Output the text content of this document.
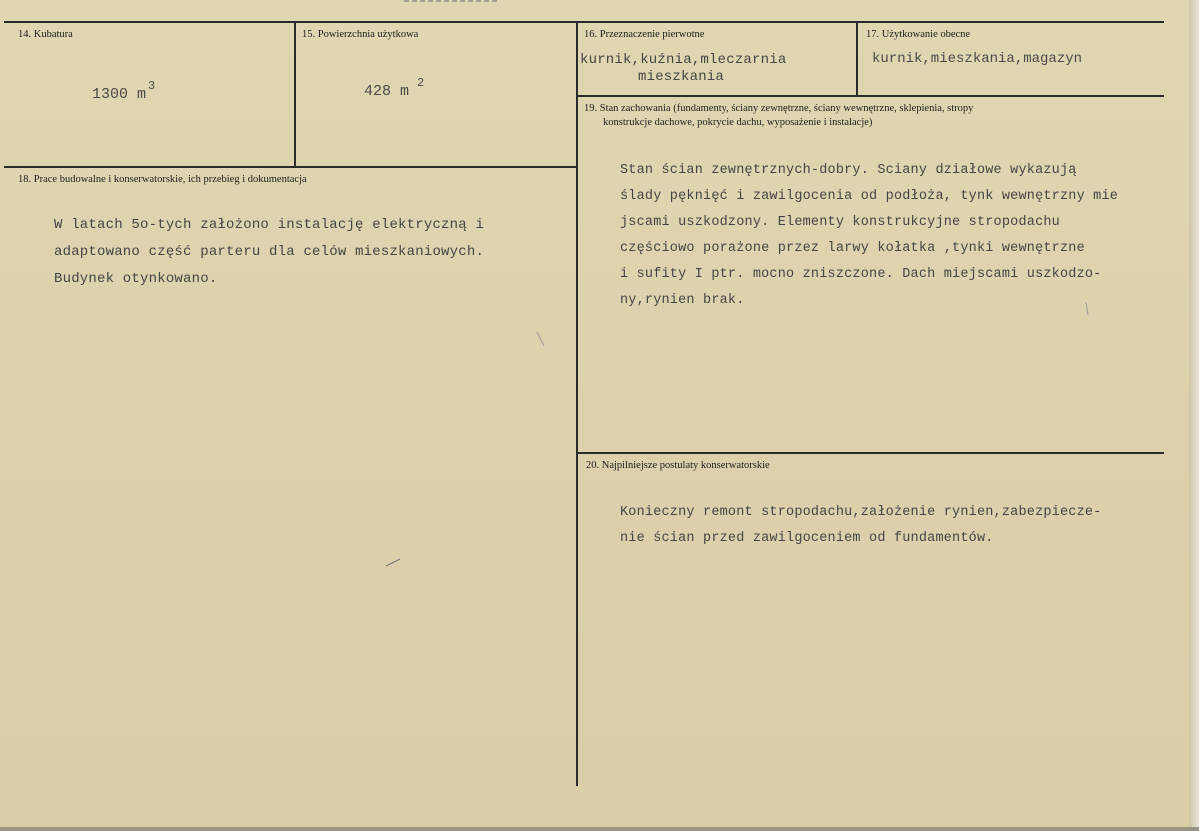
14. Kubatura
1300 m $^3$
15. Powierzchnia użytkowa
428 m $^2$
16. Przeznaczenie pierwotne
kurnik,kuźnia,mleczarnia
mieszkania
17. Użytkowanie obecne
kurnik,mieszkania,magazyn
18. Prace budowalne i konserwatorskie, ich przebieg i dokumentacja
W latach 5o-tych założono instalację elektryczną i
adaptowano część parteru dla celów mieszkaniowych.
Budynek otynkowano.
19. Stan zachowania (fundamenty, ściany zewnętrzne, ściany wewnętrzne, sklepienia, stropy
konstrukcje dachowe, pokrycie dachu, wyposażenie i instalacje)
Stan ścian zewnętrznych-dobry. Sciany działowe wykazują
ślady pęknięć i zawilgocenia od podłoża, tynk wewnętrzny mie
jscami uszkodzony. Elementy konstrukcyjne stropodachu
częściowo porażone przez larwy kołatka ,tynki wewnętrzne
i sufity I ptr. mocno zniszczone. Dach miejscami uszkodzo-
ny,rynien brak.
20. Najpilniejsze postulaty konserwatorskie
Konieczny remont stropodachu,założenie rynien,zabezpiecze-
nie ścian przed zawilgoceniem od fundamentów.
